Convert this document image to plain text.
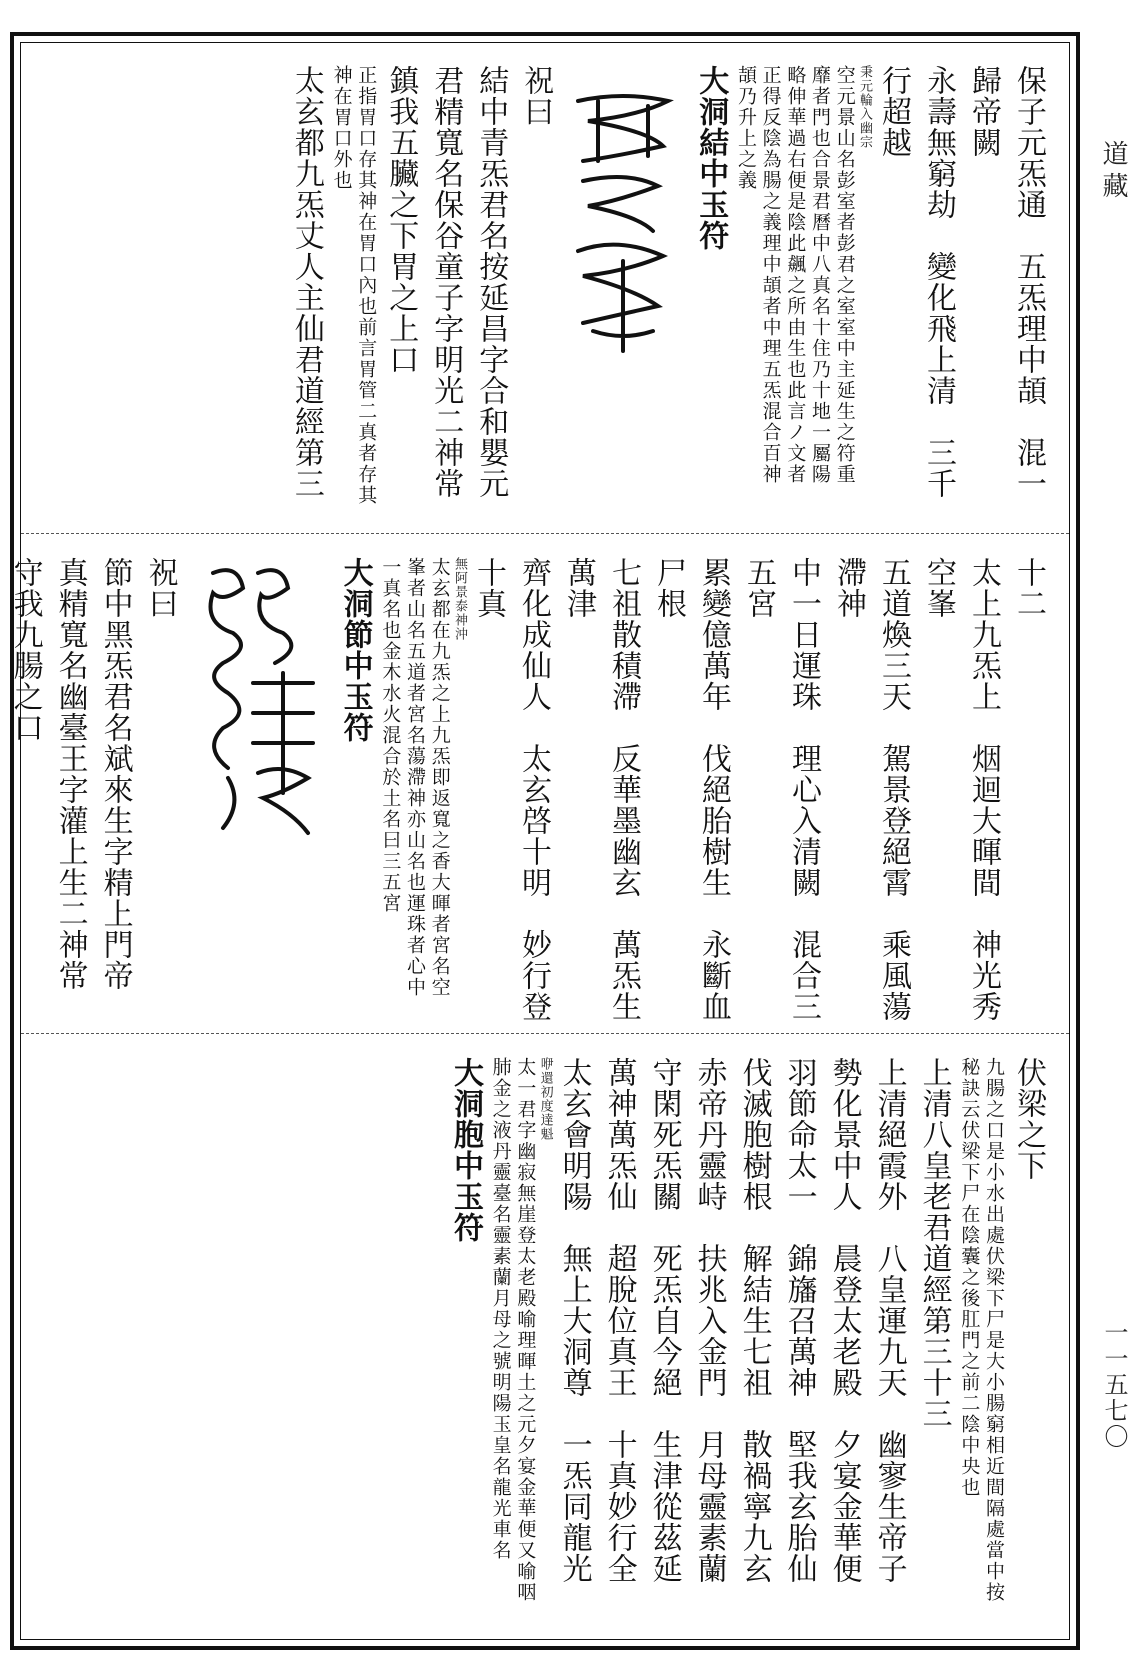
保子元炁通　五炁理中頡　混一歸帝闕
永壽無窮劫　變化飛上清　三千行超越
秉元輪入幽宗
空元景山名彭室者彭君之室室中主延生之符重靡者門也合景君曆中八真名十住乃十地一屬陽略伸華過右便是陰此飆之所由生也此言ノ文者正得反陰為腸之義理中頡者中理五炁混合百神頡乃升上之義
大洞結中玉符
祝曰
結中青炁君名按延昌字合和嬰元君精寬名保谷童子字明光二神常鎮我五臟之下胃之上口
正指胃口存其神在胃口內也前言胃管二真者存其神在胃口外也
太玄都九炁丈人主仙君道經第三
十二
太上九炁上　烟迴大暉間　神光秀空峯
五道煥三天　駕景登絕霄　乘風蕩滯神
中一日運珠　理心入清闕　混合三五宮
累變億萬年　伐絕胎樹生　永斷血尸根
七祖散積滯　反華墨幽玄　萬炁生萬津
齊化成仙人　太玄啓十明　妙行登十真
無阿景泰神沖
太玄都在九炁之上九炁即返寬之香大暉者宮名空峯者山名五道者宮名蕩滯神亦山名也運珠者心中一真名也金木水火混合於土名曰三五宮
大洞節中玉符
祝曰
節中黑炁君名斌來生字精上門帝真精寬名幽臺王字灌上生二神常守我九腸之口
伏梁之下
九腸之口是小水出處伏梁下尸是大小腸窮相近間隔處當中按秘訣云伏梁下尸在陰囊之後肛門之前二陰中央也
上清八皇老君道經第三十三
上清絕霞外　八皇運九天　幽寥生帝子
勢化景中人　晨登太老殿　夕宴金華便
羽節命太一　錦旛召萬神　堅我玄胎仙
伐滅胞樹根　解結生七祖　散禍寧九玄
赤帝丹靈峙　扶兆入金門　月母靈素蘭
守閑死炁關　死炁自今絕　生津從茲延
萬神萬炁仙　超脫位真王　十真妙行全
太玄會明陽　無上大洞尊　一炁同龍光
咿還初度達魁
太一君字幽寂無崖登太老殿喻理暉土之元夕宴金華便又喻咽肺金之液丹靈臺名靈素蘭月母之號明陽玉皇名龍光車名
大洞胞中玉符
道藏
一一五七〇
